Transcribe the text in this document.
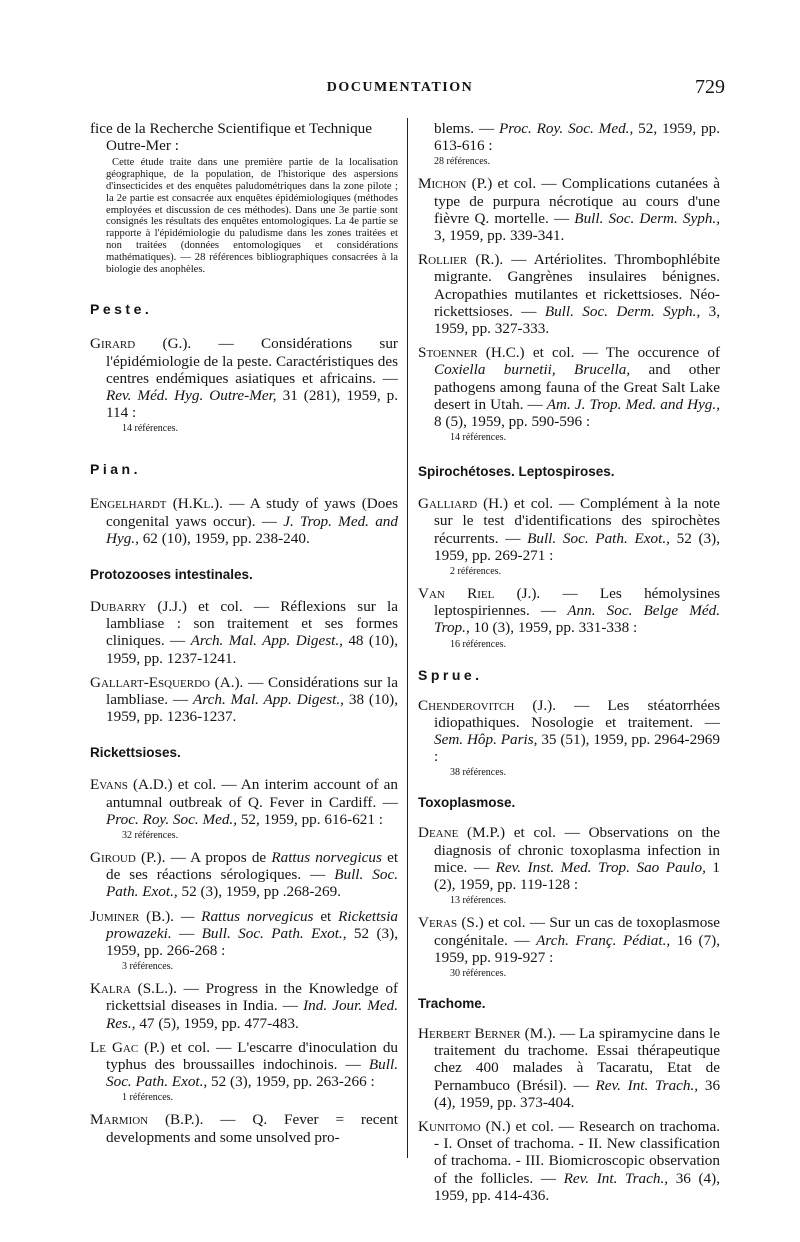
DOCUMENTATION	729
fice de la Recherche Scientifique et Technique Outre-Mer :
Cette étude traite dans une première partie de la localisation géographique, de la population, de l'historique des aspersions d'insecticides et des enquêtes paludométriques dans la zone pilote ; la 2e partie est consacrée aux enquêtes épidémiologiques (méthodes employées et discussion de ces méthodes). Dans une 3e partie sont consignés les résultats des enquêtes entomologiques. La 4e partie se rapporte à l'épidémiologie du paludisme dans les zones traitées et non traitées (données entomologiques et considérations mathématiques). — 28 références bibliographiques consacrées à la biologie des anophèles.
Peste.
Girard (G.). — Considérations sur l'épidémiologie de la peste. Caractéristiques des centres endémiques asiatiques et africains. — Rev. Méd. Hyg. Outre-Mer, 31 (281), 1959, p. 114 :
14 références.
Pian.
Engelhardt (H.Kl.). — A study of yaws (Does congenital yaws occur). — J. Trop. Med. and Hyg., 62 (10), 1959, pp. 238-240.
Protozooses intestinales.
Dubarry (J.J.) et col. — Réflexions sur la lambliase : son traitement et ses formes cliniques. — Arch. Mal. App. Digest., 48 (10), 1959, pp. 1237-1241.
Gallart-Esquerdo (A.). — Considérations sur la lambliase. — Arch. Mal. App. Digest., 38 (10), 1959, pp. 1236-1237.
Rickettsioses.
Evans (A.D.) et col. — An interim account of an antumnal outbreak of Q. Fever in Cardiff. — Proc. Roy. Soc. Med., 52, 1959, pp. 616-621 :
32 références.
Giroud (P.). — A propos de Rattus norvegicus et de ses réactions sérologiques. — Bull. Soc. Path. Exot., 52 (3), 1959, pp .268-269.
Juminer (B.). — Rattus norvegicus et Rickettsia prowazeki. — Bull. Soc. Path. Exot., 52 (3), 1959, pp. 266-268 :
3 références.
Kalra (S.L.). — Progress in the Knowledge of rickettsial diseases in India. — Ind. Jour. Med. Res., 47 (5), 1959, pp. 477-483.
Le Gac (P.) et col. — L'escarre d'inoculation du typhus des broussailles indochinois. — Bull. Soc. Path. Exot., 52 (3), 1959, pp. 263-266 :
1 références.
Marmion (B.P.). — Q. Fever = recent developments and some unsolved pro-
blems. — Proc. Roy. Soc. Med., 52, 1959, pp. 613-616 :
28 références.
Michon (P.) et col. — Complications cutanées à type de purpura nécrotique au cours d'une fièvre Q. mortelle. — Bull. Soc. Derm. Syph., 3, 1959, pp. 339-341.
Rollier (R.). — Artériolites. Thrombophlébite migrante. Gangrènes insulaires bénignes. Acropathies mutilantes et rickettsioses. Néo-rickettsioses. — Bull. Soc. Derm. Syph., 3, 1959, pp. 327-333.
Stoenner (H.C.) et col. — The occurence of Coxiella burnetii, Brucella, and other pathogens among fauna of the Great Salt Lake desert in Utah. — Am. J. Trop. Med. and Hyg., 8 (5), 1959, pp. 590-596 :
14 références.
Spirochétoses. Leptospiroses.
Galliard (H.) et col. — Complément à la note sur le test d'identifications des spirochètes récurrents. — Bull. Soc. Path. Exot., 52 (3), 1959, pp. 269-271 :
2 références.
Van Riel (J.). — Les hémolysines leptospiriennes. — Ann. Soc. Belge Méd. Trop., 10 (3), 1959, pp. 331-338 :
16 références.
Sprue.
Chenderovitch (J.). — Les stéatorrhées idiopathiques. Nosologie et traitement. — Sem. Hôp. Paris, 35 (51), 1959, pp. 2964-2969 :
38 références.
Toxoplasmose.
Deane (M.P.) et col. — Observations on the diagnosis of chronic toxoplasma infection in mice. — Rev. Inst. Med. Trop. Sao Paulo, 1 (2), 1959, pp. 119-128 :
13 références.
Veras (S.) et col. — Sur un cas de toxoplasmose congénitale. — Arch. Franç. Pédiat., 16 (7), 1959, pp. 919-927 :
30 références.
Trachome.
Herbert Berner (M.). — La spiramycine dans le traitement du trachome. Essai thérapeutique chez 400 malades à Tacaratu, Etat de Pernambuco (Brésil). — Rev. Int. Trach., 36 (4), 1959, pp. 373-404.
Kunitomo (N.) et col. — Research on trachoma. - I. Onset of trachoma. - II. New classification of trachoma. - III. Biomicroscopic observation of the follicles. — Rev. Int. Trach., 36 (4), 1959, pp. 414-436.
